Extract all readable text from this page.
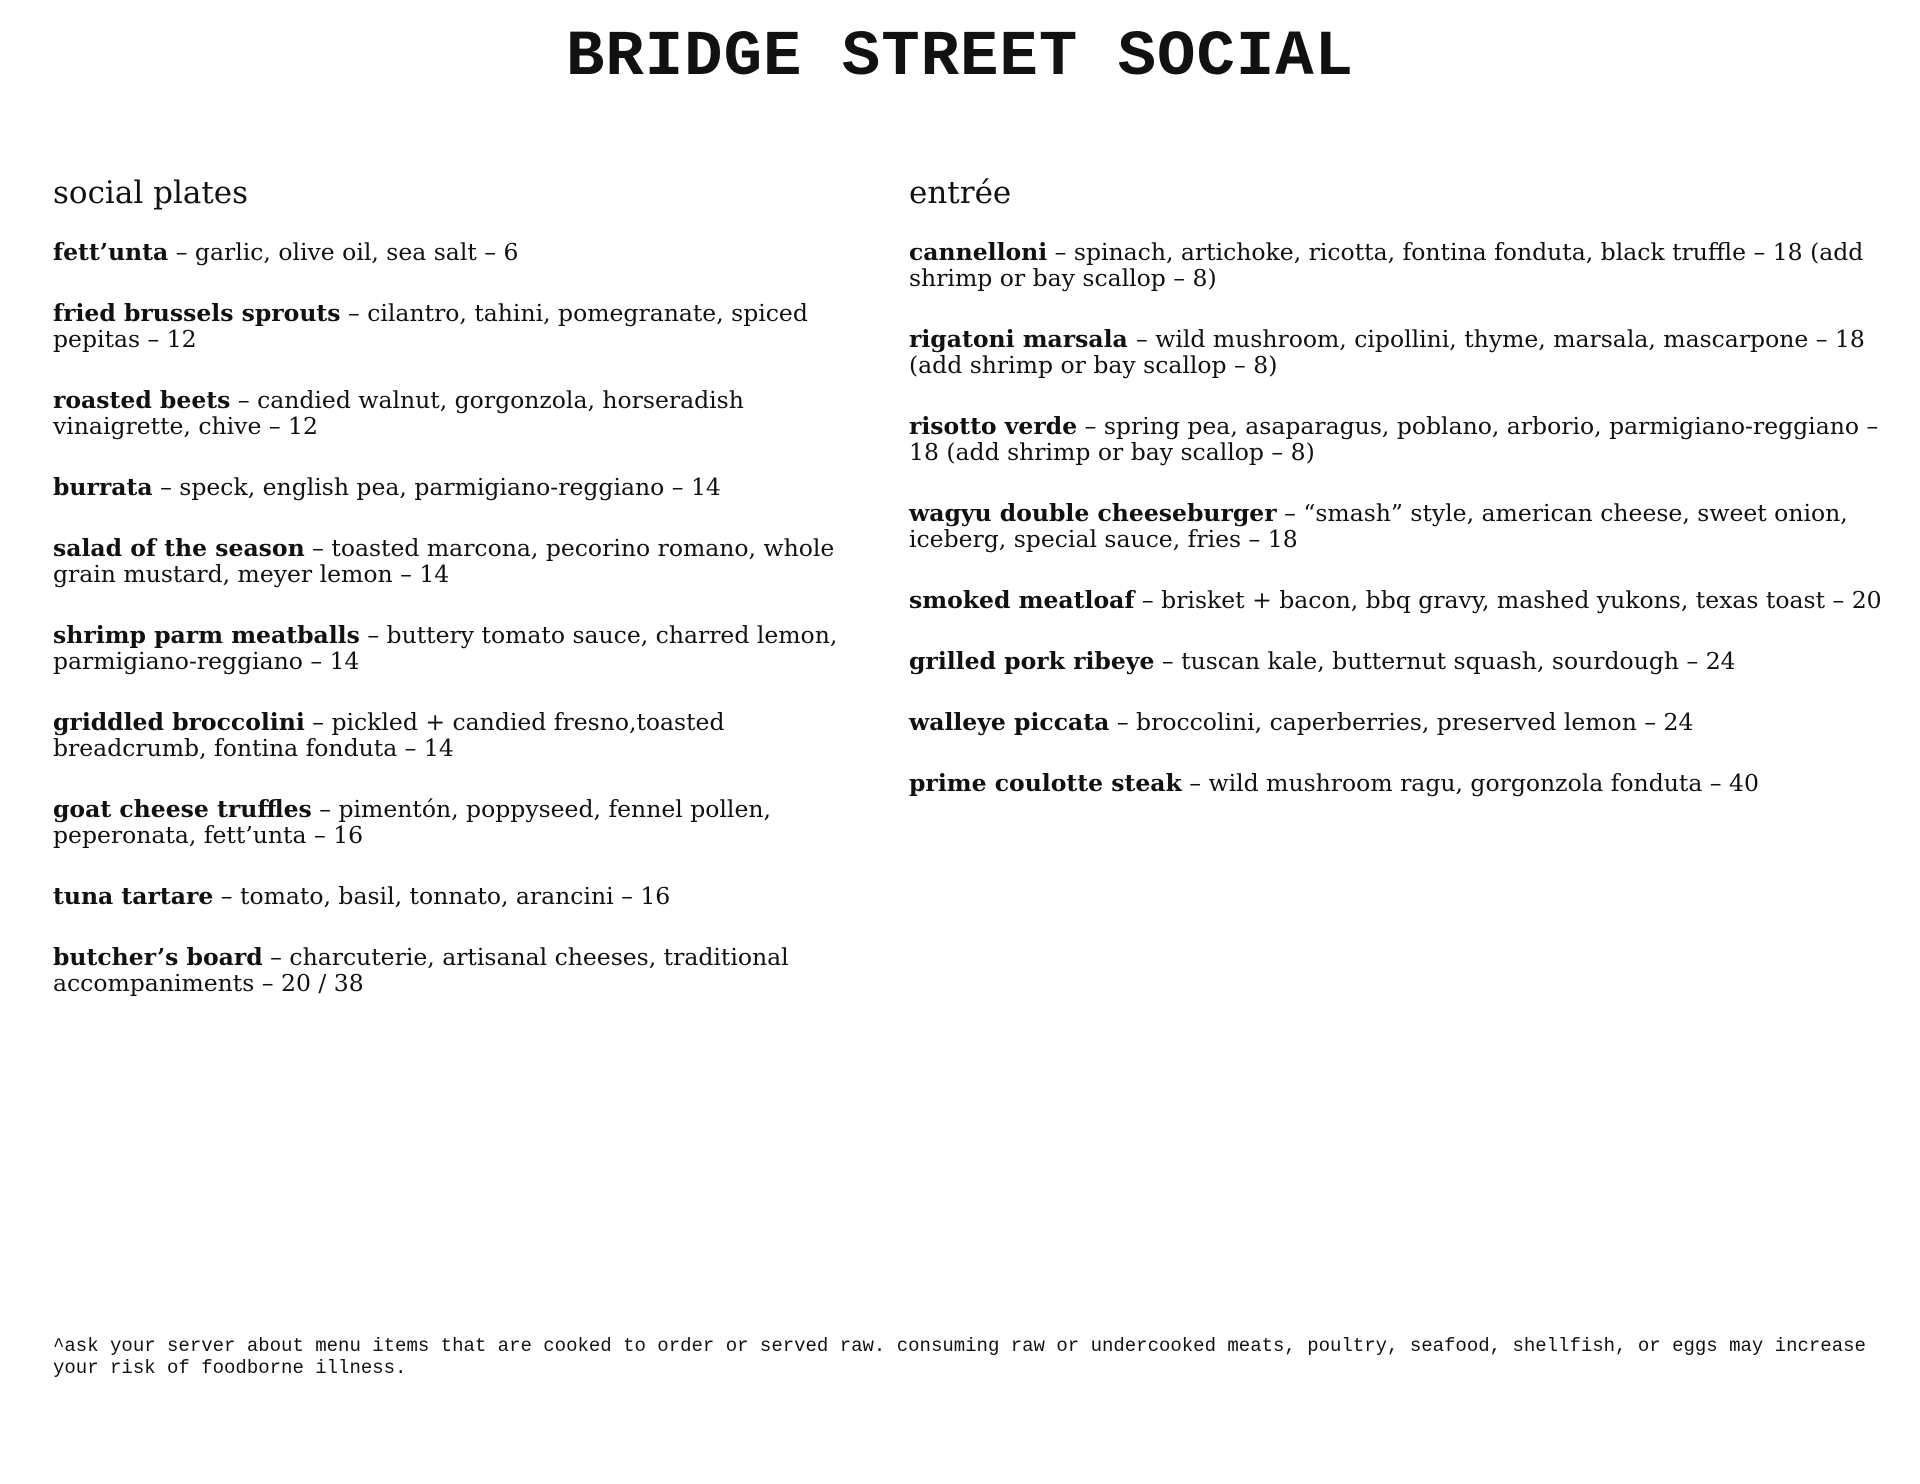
BRIDGE STREET SOCIAL
social plates
fett’unta – garlic, olive oil, sea salt – 6
fried brussels sprouts – cilantro, tahini, pomegranate, spiced pepitas – 12
roasted beets – candied walnut, gorgonzola, horseradish vinaigrette, chive – 12
burrata – speck, english pea, parmigiano-reggiano – 14
salad of the season – toasted marcona, pecorino romano, whole grain mustard, meyer lemon – 14
shrimp parm meatballs – buttery tomato sauce, charred lemon, parmigiano-reggiano – 14
griddled broccolini – pickled + candied fresno,toasted breadcrumb, fontina fonduta – 14
goat cheese truffles – pimentón, poppyseed, fennel pollen, peperonata, fett’unta – 16
tuna tartare – tomato, basil, tonnato, arancini – 16
butcher’s board – charcuterie, artisanal cheeses, traditional accompaniments – 20 / 38
entrée
cannelloni – spinach, artichoke, ricotta, fontina fonduta, black truffle – 18 (add shrimp or bay scallop – 8)
rigatoni marsala – wild mushroom, cipollini, thyme, marsala, mascarpone – 18 (add shrimp or bay scallop – 8)
risotto verde – spring pea, asaparagus, poblano, arborio, parmigiano-reggiano – 18 (add shrimp or bay scallop – 8)
wagyu double cheeseburger – “smash” style, american cheese, sweet onion, iceberg, special sauce, fries – 18
smoked meatloaf – brisket + bacon, bbq gravy, mashed yukons, texas toast – 20
grilled pork ribeye – tuscan kale, butternut squash, sourdough – 24
walleye piccata – broccolini, caperberries, preserved lemon – 24
prime coulotte steak – wild mushroom ragu, gorgonzola fonduta – 40
^ask your server about menu items that are cooked to order or served raw. consuming raw or undercooked meats, poultry, seafood, shellfish, or eggs may increase your risk of foodborne illness.
